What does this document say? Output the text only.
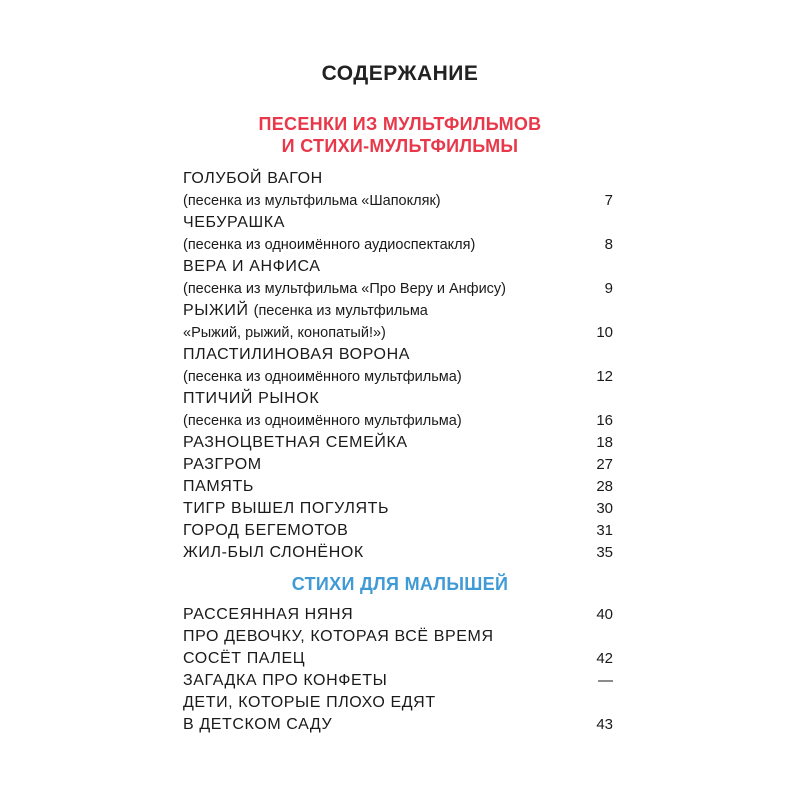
СОДЕРЖАНИЕ
ПЕСЕНКИ ИЗ МУЛЬТФИЛЬМОВ
И СТИХИ-МУЛЬТФИЛЬМЫ
ГОЛУБОЙ ВАГОН
(песенка из мультфильма «Шапокляк) . . .	7
ЧЕБУРАШКА
(песенка из одноимённого аудиоспектакля) . . .	8
ВЕРА И АНФИСА
(песенка из мультфильма «Про Веру и Анфису) . . .	9
РЫЖИЙ (песенка из мультфильма
«Рыжий, рыжий, конопатый!») . . .	10
ПЛАСТИЛИНОВАЯ ВОРОНА
(песенка из одноимённого мультфильма) . . .	12
ПТИЧИЙ РЫНОК
(песенка из одноимённого мультфильма) . . .	16
РАЗНОЦВЕТНАЯ СЕМЕЙКА . . .	18
РАЗГРОМ . . .	27
ПАМЯТЬ . . .	28
ТИГР ВЫШЕЛ ПОГУЛЯТЬ . . .	30
ГОРОД БЕГЕМОТОВ . . .	31
ЖИЛ-БЫЛ СЛОНЁНОК . . .	35
СТИХИ ДЛЯ МАЛЫШЕЙ
РАССЕЯННАЯ НЯНЯ . . .	40
ПРО ДЕВОЧКУ, КОТОРАЯ ВСЁ ВРЕМЯ
СОСЁТ ПАЛЕЦ . . .	42
ЗАГАДКА ПРО КОНФЕТЫ . . .	—
ДЕТИ, КОТОРЫЕ ПЛОХО ЕДЯТ
В ДЕТСКОМ САДУ . . .	43
